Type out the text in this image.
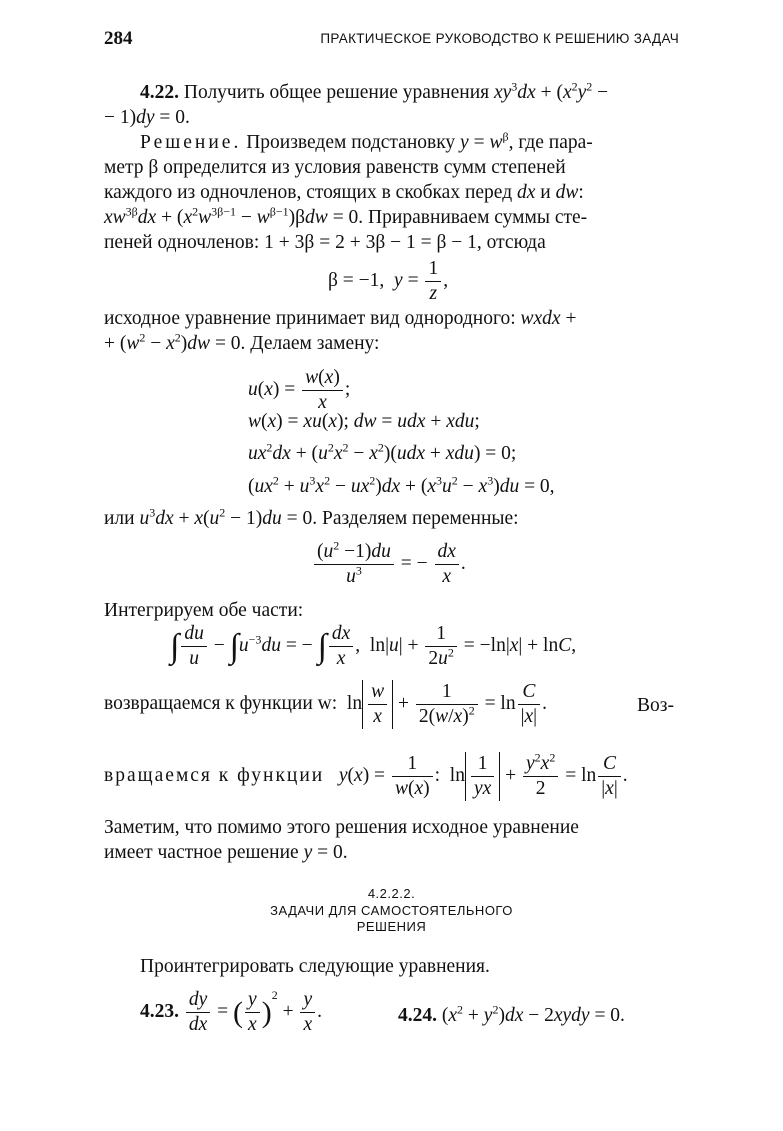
284	ПРАКТИЧЕСКОЕ РУКОВОДСТВО К РЕШЕНИЮ ЗАДАЧ
4.22. Получить общее решение уравнения $xy^3dx + (x^2y^2$ −
− 1)dy = 0.
Решение. Произведем подстановку $y = w^\beta$, где пара-
метр β определится из условия равенств сумм степеней
каждого из одночленов, стоящих в скобках перед dx и dw:
$xw^{3\beta}dx + (x^2w^{3\beta-1} - w^{\beta-1})\beta dw = 0$. Приравниваем суммы сте-
пеней одночленов: 1 + 3β = 2 + 3β − 1 = β − 1, отсюда
β = −1,  $y = \frac{1}{z}$ ,
исходное уравнение принимает вид однородного: wxdx +
+ $(w^2 - x^2)dw = 0$. Делаем замену:
$u(x) = \frac{w(x)}{x}$ ;
w(x) = xu(x); dw = udx + xdu;
$ux^2dx + (u^2x^2 - x^2)(udx + xdu) = 0$;
$(ux^2 + u^3x^2 - ux^2)dx + (x^3u^2 - x^3)du = 0$,
или $u^3dx + x(u^2 - 1)du = 0$. Разделяем переменные:
$\frac{(u^2 -1)du}{u^3}$ = − $\frac{dx}{x}$ .
Интегрируем обе части:
∫ $\frac{du}{u} - \int u^{-3}du$ = − ∫ $\frac{dx}{x}$ ,  $\ln|u| + \frac{1}{2u^2} = -\ln|x| + \ln C$,
возвращаемся к функции w:  $\ln \frac{w}{x} + \frac{1}{2(w/x)^2} = \ln \frac{C}{|x|}$ .	Воз-
вращаемся к функции $y(x) = \frac{1}{w(x)}$ :  $\ln \frac{1}{yx} + \frac{y^2x^2}{2} = \ln \frac{C}{|x|}$ .
Заметим, что помимо этого решения исходное уравнение
имеет частное решение y = 0.
4.2.2.2.
ЗАДАЧИ ДЛЯ САМОСТОЯТЕЛЬНОГО
РЕШЕНИЯ
Проинтегрировать следующие уравнения.
4.23. $\frac{dy}{dx}$ = ( $\frac{y}{x} )^2 + \frac{y}{x}$ .	4.24. $(x^2 + y^2)dx$ − 2xydy = 0.
